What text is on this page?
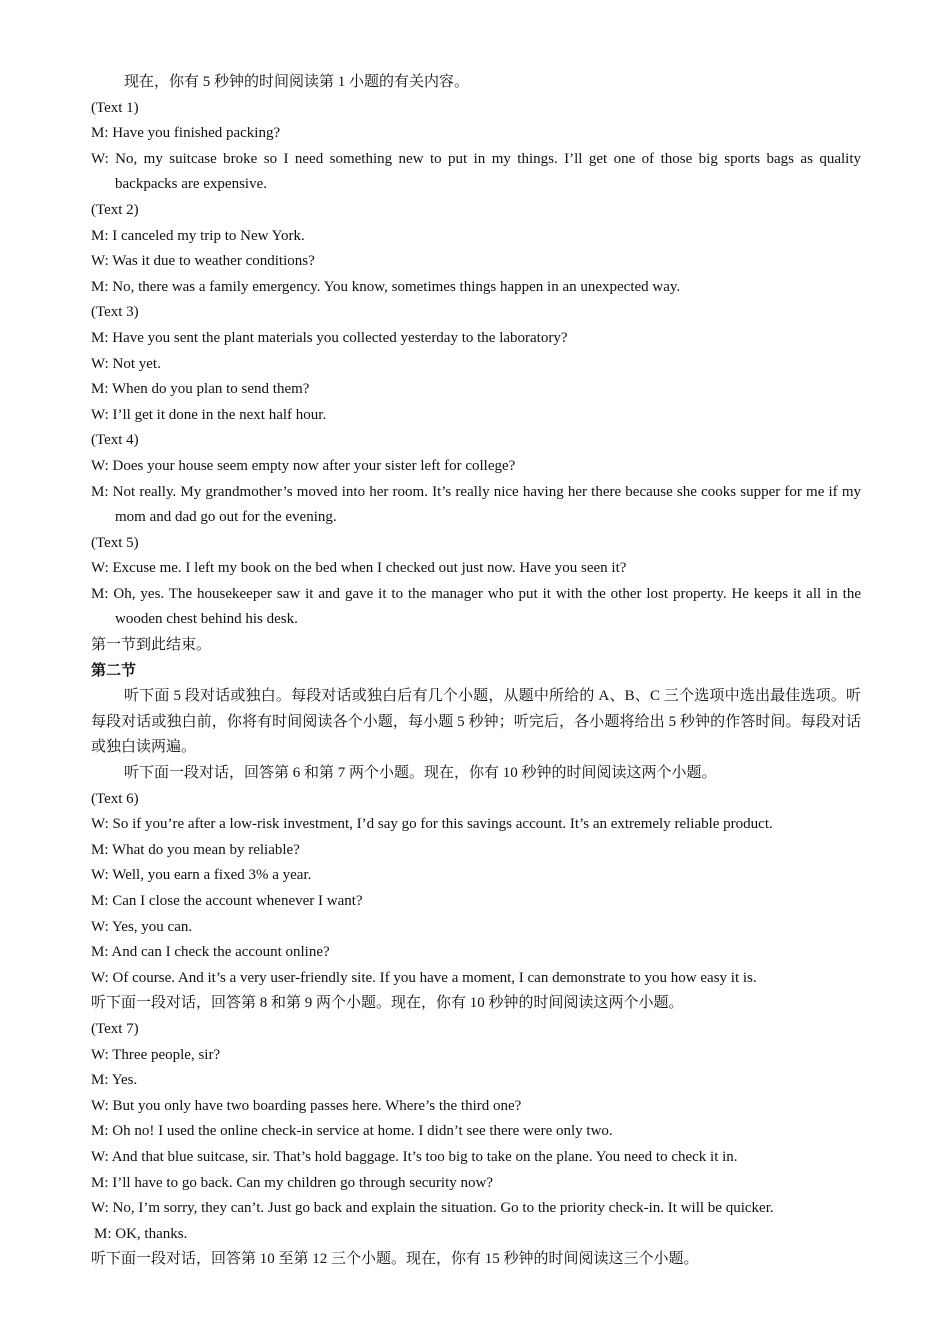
现在，你有 5 秒钟的时间阅读第 1 小题的有关内容。

(Text 1)

M: Have you finished packing?

W: No, my suitcase broke so I need something new to put in my things. I’ll get one of those big sports bags as quality backpacks are expensive.

(Text 2)

M: I canceled my trip to New York.

W: Was it due to weather conditions?

M: No, there was a family emergency. You know, sometimes things happen in an unexpected way.

(Text 3)

M: Have you sent the plant materials you collected yesterday to the laboratory?

W: Not yet.

M: When do you plan to send them?

W: I’ll get it done in the next half hour.

(Text 4)

W: Does your house seem empty now after your sister left for college?

M: Not really. My grandmother’s moved into her room. It’s really nice having her there because she cooks supper for me if my mom and dad go out for the evening.

(Text 5)

W: Excuse me. I left my book on the bed when I checked out just now. Have you seen it?

M: Oh, yes. The housekeeper saw it and gave it to the manager who put it with the other lost property. He keeps it all in the wooden chest behind his desk.

第一节到此结束。

第二节

听下面 5 段对话或独白。每段对话或独白后有几个小题，从题中所给的 A、B、C 三个选项中选出最佳选项。听每段对话或独白前，你将有时间阅读各个小题，每小题 5 秒钟；听完后，各小题将给出 5 秒钟的作答时间。每段对话或独白读两遍。

听下面一段对话，回答第 6 和第 7 两个小题。现在，你有 10 秒钟的时间阅读这两个小题。

(Text 6)

W: So if you’re after a low-risk investment, I’d say go for this savings account. It’s an extremely reliable product.

M: What do you mean by reliable?

W: Well, you earn a fixed 3% a year.

M: Can I close the account whenever I want?

W: Yes, you can.

M: And can I check the account online?

W: Of course. And it’s a very user-friendly site. If you have a moment, I can demonstrate to you how easy it is.

听下面一段对话，回答第 8 和第 9 两个小题。现在，你有 10 秒钟的时间阅读这两个小题。

(Text 7)

W: Three people, sir?

M: Yes.

W: But you only have two boarding passes here. Where’s the third one?

M: Oh no! I used the online check-in service at home. I didn’t see there were only two.

W: And that blue suitcase, sir. That’s hold baggage. It’s too big to take on the plane. You need to check it in.

M: I’ll have to go back. Can my children go through security now?

W: No, I’m sorry, they can’t. Just go back and explain the situation. Go to the priority check-in. It will be quicker.

M: OK, thanks.

听下面一段对话，回答第 10 至第 12 三个小题。现在，你有 15 秒钟的时间阅读这三个小题。
